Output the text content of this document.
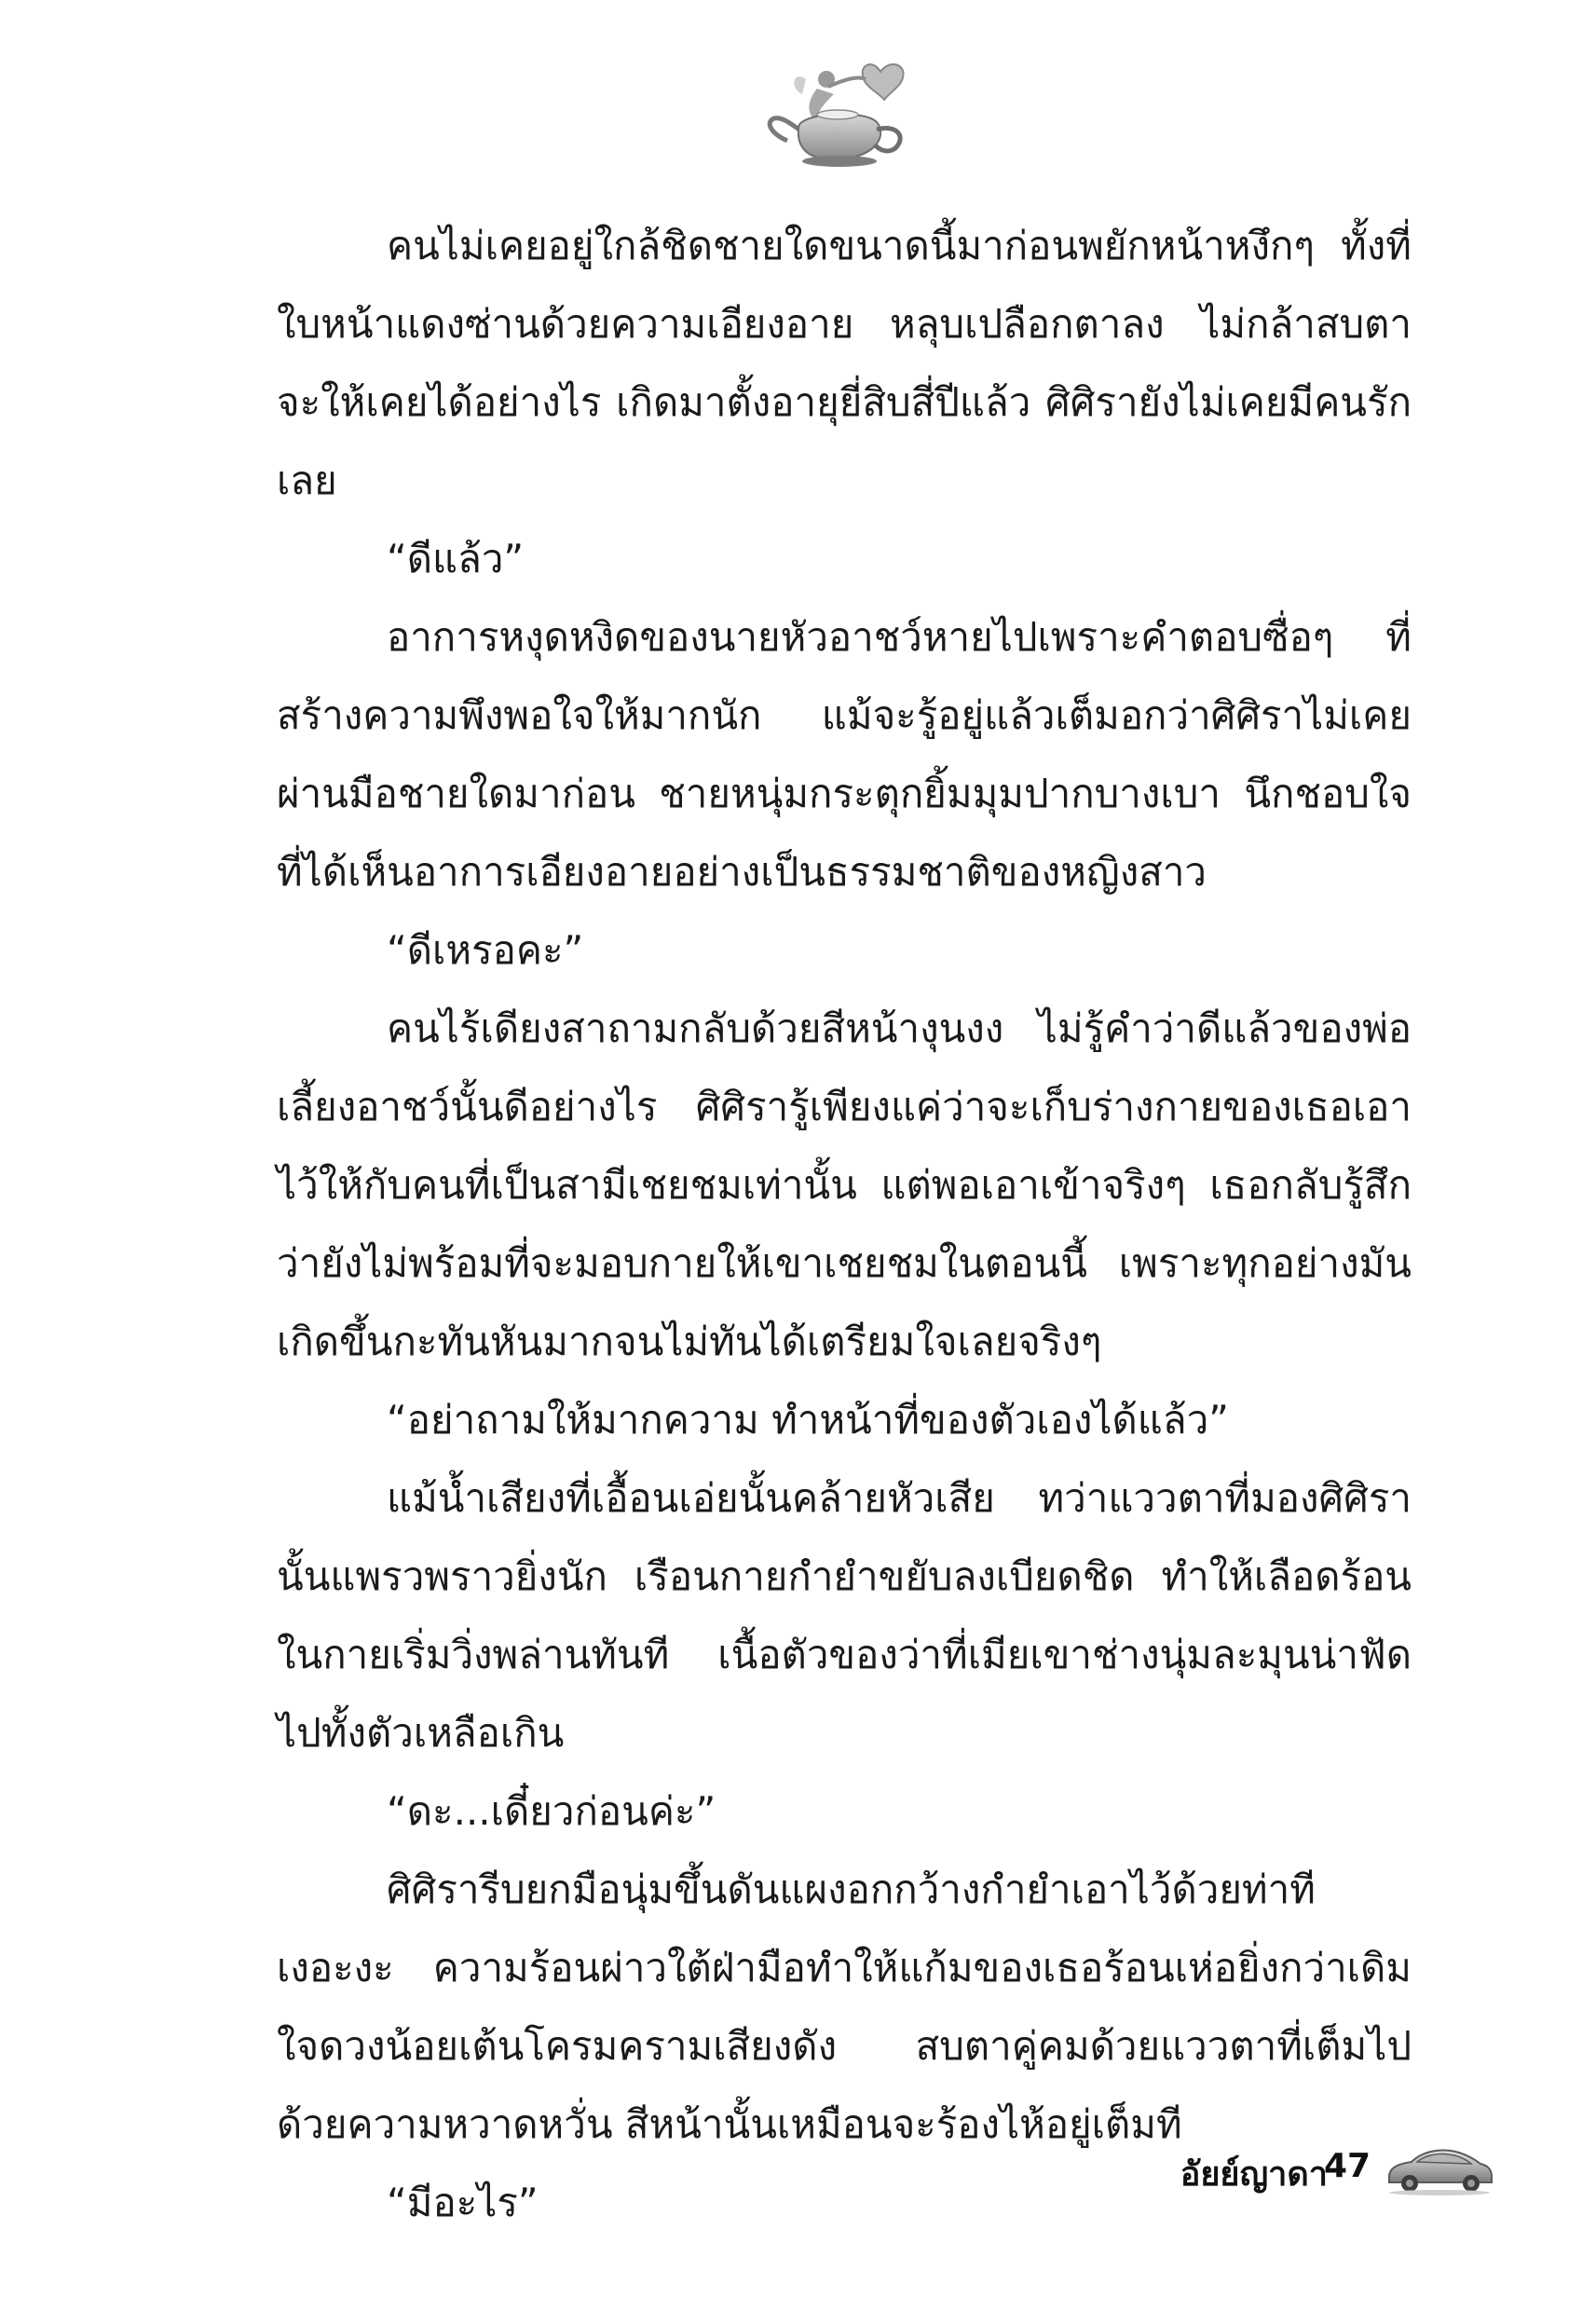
คนไม่เคยอยู่ใกล้ชิดชายใดขนาดนี้มาก่อนพยักหน้าหงึกๆ ทั้งที่ใบหน้าแดงซ่านด้วยความเอียงอาย หลุบเปลือกตาลง ไม่กล้าสบตา จะให้เคยได้อย่างไร เกิดมาตั้งอายุยี่สิบสี่ปีแล้ว ศิศิรายังไม่เคยมีคนรักเลย

“ดีแล้ว”

อาการหงุดหงิดของนายหัวอาชว์หายไปเพราะคำตอบซื่อๆ ที่สร้างความพึงพอใจให้มากนัก แม้จะรู้อยู่แล้วเต็มอกว่าศิศิราไม่เคยผ่านมือชายใดมาก่อน ชายหนุ่มกระตุกยิ้มมุมปากบางเบา นึกชอบใจที่ได้เห็นอาการเอียงอายอย่างเป็นธรรมชาติของหญิงสาว

“ดีเหรอคะ”

คนไร้เดียงสาถามกลับด้วยสีหน้างุนงง ไม่รู้คำว่าดีแล้วของพ่อเลี้ยงอาชว์นั้นดีอย่างไร ศิศิรารู้เพียงแค่ว่าจะเก็บร่างกายของเธอเอาไว้ให้กับคนที่เป็นสามีเชยชมเท่านั้น แต่พอเอาเข้าจริงๆ เธอกลับรู้สึกว่ายังไม่พร้อมที่จะมอบกายให้เขาเชยชมในตอนนี้ เพราะทุกอย่างมันเกิดขึ้นกะทันหันมากจนไม่ทันได้เตรียมใจเลยจริงๆ

“อย่าถามให้มากความ ทำหน้าที่ของตัวเองได้แล้ว”

แม้น้ำเสียงที่เอื้อนเอ่ยนั้นคล้ายหัวเสีย ทว่าแววตาที่มองศิศิรานั้นแพรวพราวยิ่งนัก เรือนกายกำยำขยับลงเบียดชิด ทำให้เลือดร้อนในกายเริ่มวิ่งพล่านทันที เนื้อตัวของว่าที่เมียเขาช่างนุ่มละมุนน่าฟัดไปทั้งตัวเหลือเกิน

“ดะ...เดี๋ยวก่อนค่ะ”

ศิศิรารีบยกมือนุ่มขึ้นดันแผงอกกว้างกำยำเอาไว้ด้วยท่าทีเงอะงะ ความร้อนผ่าวใต้ฝ่ามือทำให้แก้มของเธอร้อนเห่อยิ่งกว่าเดิม ใจดวงน้อยเต้นโครมครามเสียงดัง สบตาคู่คมด้วยแววตาที่เต็มไปด้วยความหวาดหวั่น สีหน้านั้นเหมือนจะร้องไห้อยู่เต็มที

“มีอะไร”

อัยย์ญาดา
47
